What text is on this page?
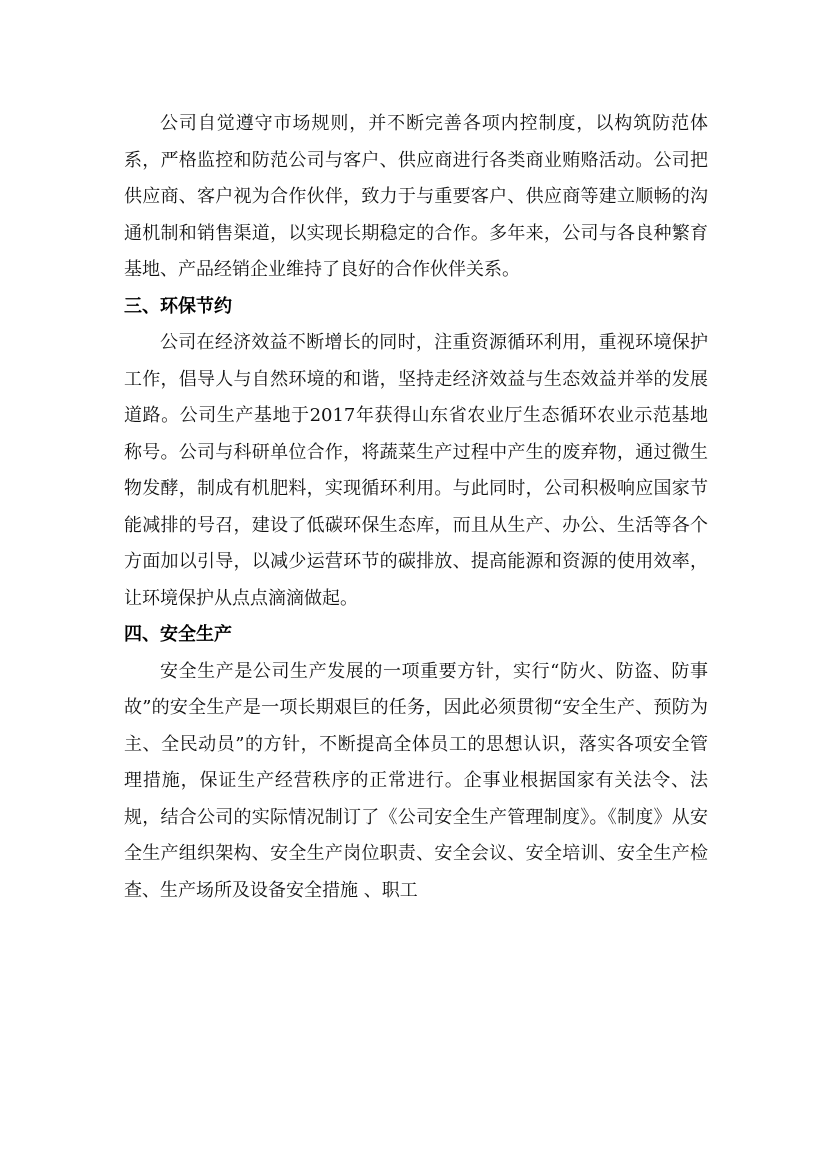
公司自觉遵守市场规则，并不断完善各项内控制度，以构筑防范体系，严格监控和防范公司与客户、供应商进行各类商业贿赂活动。公司把供应商、客户视为合作伙伴，致力于与重要客户、供应商等建立顺畅的沟通机制和销售渠道，以实现长期稳定的合作。多年来，公司与各良种繁育基地、产品经销企业维持了良好的合作伙伴关系。

三、环保节约

公司在经济效益不断增长的同时，注重资源循环利用，重视环境保护工作，倡导人与自然环境的和谐，坚持走经济效益与生态效益并举的发展道路。公司生产基地于2017年获得山东省农业厅生态循环农业示范基地称号。公司与科研单位合作，将蔬菜生产过程中产生的废弃物，通过微生物发酵，制成有机肥料，实现循环利用。与此同时，公司积极响应国家节能减排的号召，建设了低碳环保生态库，而且从生产、办公、生活等各个方面加以引导，以减少运营环节的碳排放、提高能源和资源的使用效率，让环境保护从点点滴滴做起。

四、安全生产

安全生产是公司生产发展的一项重要方针，实行“防火、防盗、防事故”的安全生产是一项长期艰巨的任务，因此必须贯彻“安全生产、预防为主、全民动员”的方针，不断提高全体员工的思想认识，落实各项安全管理措施，保证生产经营秩序的正常进行。企事业根据国家有关法令、法规，结合公司的实际情况制订了《公司安全生产管理制度》。《制度》从安全生产组织架构、安全生产岗位职责、安全会议、安全培训、安全生产检查、生产场所及设备安全措施 、职工
